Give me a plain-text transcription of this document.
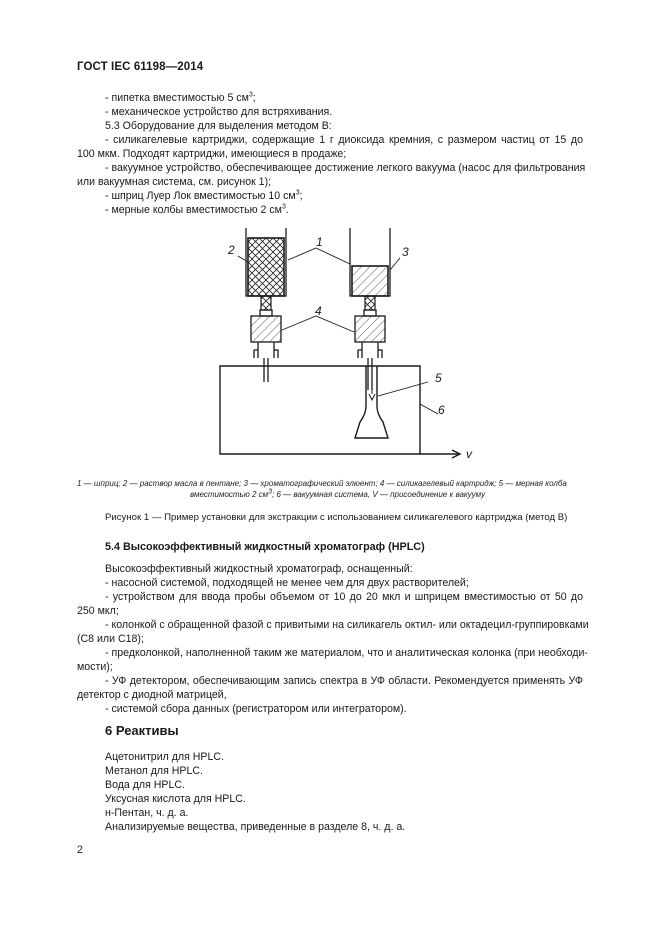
ГОСТ IEC 61198—2014
- пипетка вместимостью 5 $см^3$;
- механическое устройство для встряхивания.
5.3 Оборудование для выделения методом В:
- силикагелевые картриджи, содержащие 1 г диоксида кремния, с размером частиц от 15 до
100 мкм. Подходят картриджи, имеющиеся в продаже;
- вакуумное устройство, обеспечивающее достижение легкого вакуума (насос для фильтрования
или вакуумная система, см. рисунок 1);
- шприц Луер Лок вместимостью 10 $см^3$;
- мерные колбы вместимостью 2 $см^3$.
1
2	3
4
5
6
v
1 — шприц; 2 — раствор масла в пентане; 3 — хроматографический элюент; 4 — силикагелевый картридж; 5 — мерная колба
вместимостью 2 $см^3$; 6 — вакуумная система, V — присоединение к вакууму
Рисунок 1 — Пример установки для экстракции с использованием силикагелевого картриджа (метод В)
5.4 Высокоэффективный жидкостный хроматограф (HPLC)
Высокоэффективный жидкостный хроматограф, оснащенный:
- насосной системой, подходящей не менее чем для двух растворителей;
- устройством для ввода пробы объемом от 10 до 20 мкл и шприцем вместимостью от 50 до
250 мкл;
- колонкой с обращенной фазой с привитыми на силикагель октил- или октадецил-группировками
(С8 или С18);
- предколонкой, наполненной таким же материалом, что и аналитическая колонка (при необходи-
мости);
- УФ детектором, обеспечивающим запись спектра в УФ области. Рекомендуется применять УФ
детектор с диодной матрицей,
- системой сбора данных (регистратором или интегратором).
6 Реактивы
Ацетонитрил для HPLC.
Метанол для HPLC.
Вода для HPLC.
Уксусная кислота для HPLC.
н-Пентан, ч. д. а.
Анализируемые вещества, приведенные в разделе 8, ч. д. а.
2
